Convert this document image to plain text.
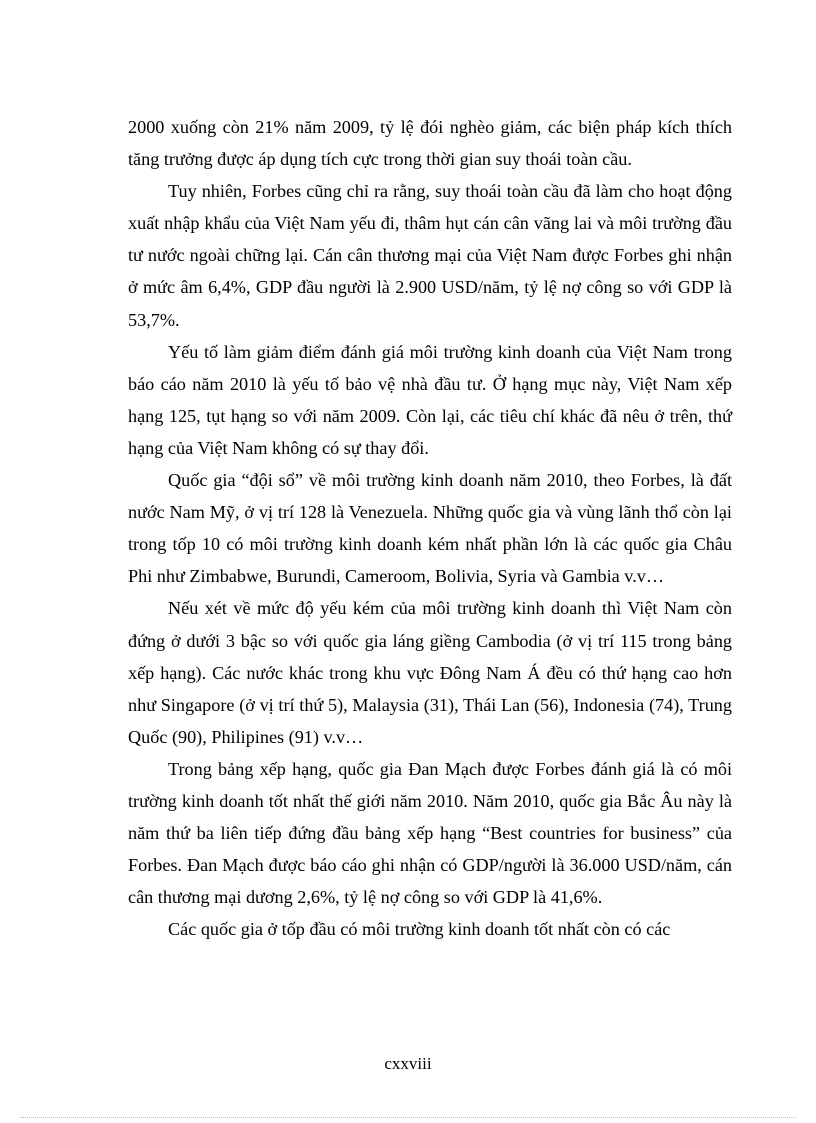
2000 xuống còn 21% năm 2009, tỷ lệ đói nghèo giảm, các biện pháp kích thích tăng trưởng được áp dụng tích cực trong thời gian suy thoái toàn cầu.

Tuy nhiên, Forbes cũng chỉ ra rằng, suy thoái toàn cầu đã làm cho hoạt động xuất nhập khẩu của Việt Nam yếu đi, thâm hụt cán cân vãng lai và môi trường đầu tư nước ngoài chững lại. Cán cân thương mại của Việt Nam được Forbes ghi nhận ở mức âm 6,4%, GDP đầu người là 2.900 USD/năm, tỷ lệ nợ công so với GDP là 53,7%.

Yếu tố làm giảm điểm đánh giá môi trường kinh doanh của Việt Nam trong báo cáo năm 2010 là yếu tố bảo vệ nhà đầu tư. Ở hạng mục này, Việt Nam xếp hạng 125, tụt hạng so với năm 2009. Còn lại, các tiêu chí khác đã nêu ở trên, thứ hạng của Việt Nam không có sự thay đổi.

Quốc gia “đội sổ” về môi trường kinh doanh năm 2010, theo Forbes, là đất nước Nam Mỹ, ở vị trí 128 là Venezuela. Những quốc gia và vùng lãnh thổ còn lại trong tốp 10 có môi trường kinh doanh kém nhất phần lớn là các quốc gia Châu Phi như Zimbabwe, Burundi, Cameroom, Bolivia, Syria và Gambia v.v…

Nếu xét về mức độ yếu kém của môi trường kinh doanh thì Việt Nam còn đứng ở dưới 3 bậc so với quốc gia láng giềng Cambodia (ở vị trí 115 trong bảng xếp hạng). Các nước khác trong khu vực Đông Nam Á đều có thứ hạng cao hơn như Singapore (ở vị trí thứ 5), Malaysia (31), Thái Lan (56), Indonesia (74), Trung Quốc (90), Philipines (91) v.v…

Trong bảng xếp hạng, quốc gia Đan Mạch được Forbes đánh giá là có môi trường kinh doanh tốt nhất thế giới năm 2010. Năm 2010, quốc gia Bắc Âu này là năm thứ ba liên tiếp đứng đầu bảng xếp hạng “Best countries for business” của Forbes. Đan Mạch được báo cáo ghi nhận có GDP/người là 36.000 USD/năm, cán cân thương mại dương 2,6%, tỷ lệ nợ công so với GDP là 41,6%.

Các quốc gia ở tốp đầu có môi trường kinh doanh tốt nhất còn có các

cxxviii
